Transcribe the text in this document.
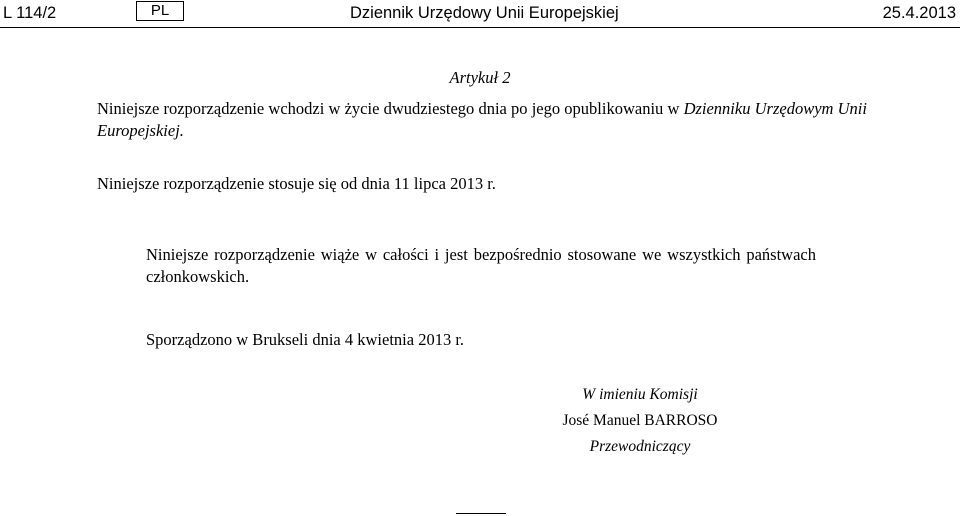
L 114/2	PL	Dziennik Urzędowy Unii Europejskiej	25.4.2013
Artykuł 2
Niniejsze rozporządzenie wchodzi w życie dwudziestego dnia po jego opublikowaniu w Dzienniku Urzędowym Unii Europejskiej.
Niniejsze rozporządzenie stosuje się od dnia 11 lipca 2013 r.
Niniejsze rozporządzenie wiąże w całości i jest bezpośrednio stosowane we wszystkich państwach członkowskich.
Sporządzono w Brukseli dnia 4 kwietnia 2013 r.
W imieniu Komisji
José Manuel BARROSO
Przewodniczący
